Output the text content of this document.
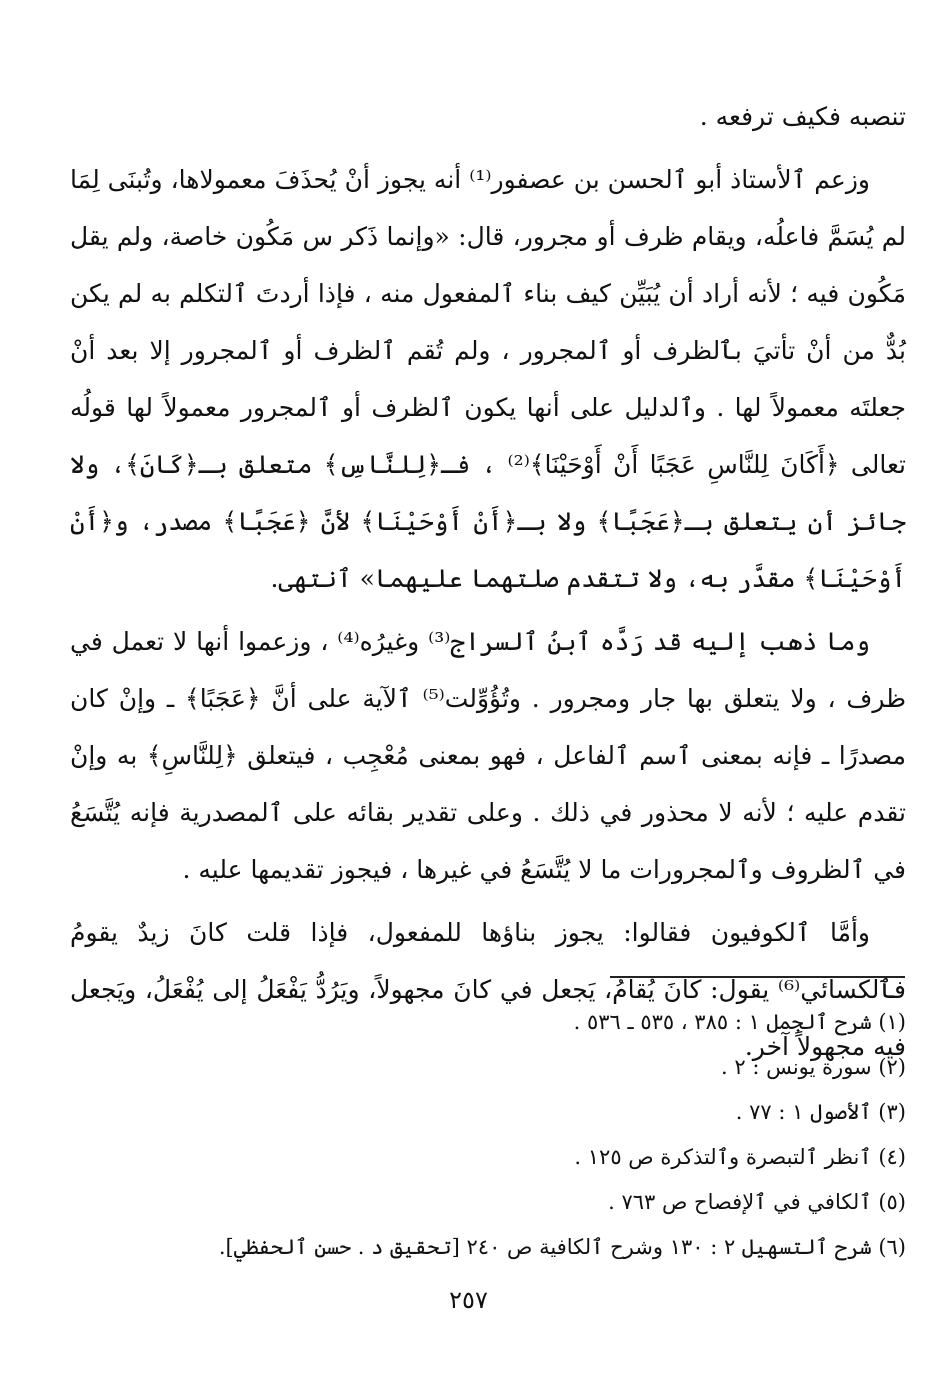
تنصبه فكيف ترفعه .

وزعم ٱلأستاذ أبو ٱلحسن بن عصفور⁽¹⁾ أنه يجوز أنْ يُحذَفَ معمولاها، وتُبنَى لِمَا لم يُسَمَّ فاعلُه، ويقام ظرف أو مجرور، قال: «وإنما ذَكر س مَكُون خاصة، ولم يقل مَكُون فيه ؛ لأنه أراد أن يُبَيِّن كيف بناء ٱلمفعول منه ، فإذا أردتَ ٱلتكلم به لم يكن بُدٌّ من أنْ تأتيَ بٱلظرف أو ٱلمجرور ، ولم تُقم ٱلظرف أو ٱلمجرور إلا بعد أنْ جعلتَه معمولاً لها . وٱلدليل على أنها يكون ٱلظرف أو ٱلمجرور معمولاً لها قولُه تعالى ﴿أَكَانَ لِلنَّاسِ عَجَبًا أَنْ أَوْحَيْنَا﴾⁽²⁾ ، فـ﴿لِلنَّاسِ﴾ متعلق بـ﴿كَانَ﴾، ولا جائز أن يتعلق بـ﴿عَجَبًا﴾ ولا بـ﴿أَنْ أَوْحَيْنَا﴾ لأنَّ ﴿عَجَبًا﴾ مصدر، و﴿أَنْ أَوْحَيْنَا﴾ مقدَّر به، ولا تتقدم صلتهما عليهما» ٱنتهى.

وما ذهب إليه قد رَدَّه ٱبنُ ٱلسراج⁽³⁾ وغيرُه⁽⁴⁾ ، وزعموا أنها لا تعمل في ظرف ، ولا يتعلق بها جار ومجرور . وتُؤُوِّلت⁽⁵⁾ ٱلآية على أنَّ ﴿عَجَبًا﴾ ـ وإنْ كان مصدرًا ـ فإنه بمعنى ٱسم ٱلفاعل ، فهو بمعنى مُعْجِب ، فيتعلق ﴿لِلنَّاسِ﴾ به وإنْ تقدم عليه ؛ لأنه لا محذور في ذلك . وعلى تقدير بقائه على ٱلمصدرية فإنه يُتَّسَعُ في ٱلظروف وٱلمجرورات ما لا يُتَّسَعُ في غيرها ، فيجوز تقديمها عليه .

وأمَّا ٱلكوفيون فقالوا: يجوز بناؤها للمفعول، فإذا قلت كانَ زيدٌ يقومُ فٱلكسائي⁽⁶⁾ يقول: كانَ يُقامُ، يَجعل في كانَ مجهولاً، ويَرُدُّ يَفْعَلُ إلى يُفْعَلُ، ويَجعل فيه مجهولاً آخر.

(١) شرح ٱلجمل ١ : ٣٨٥ ، ٥٣٥ ـ ٥٣٦ .

(٢) سورة يونس : ٢ .

(٣) ٱلأصول ١ : ٧٧ .

(٤) ٱنظر ٱلتبصرة وٱلتذكرة ص ١٢٥ .

(٥) ٱلكافي في ٱلإفصاح ص ٧٦٣ .

(٦) شرح ٱلتسهيل ٢ : ١٣٠ وشرح ٱلكافية ص ٢٤٠ [تحقيق د . حسن ٱلحفظي].

٢٥٧
